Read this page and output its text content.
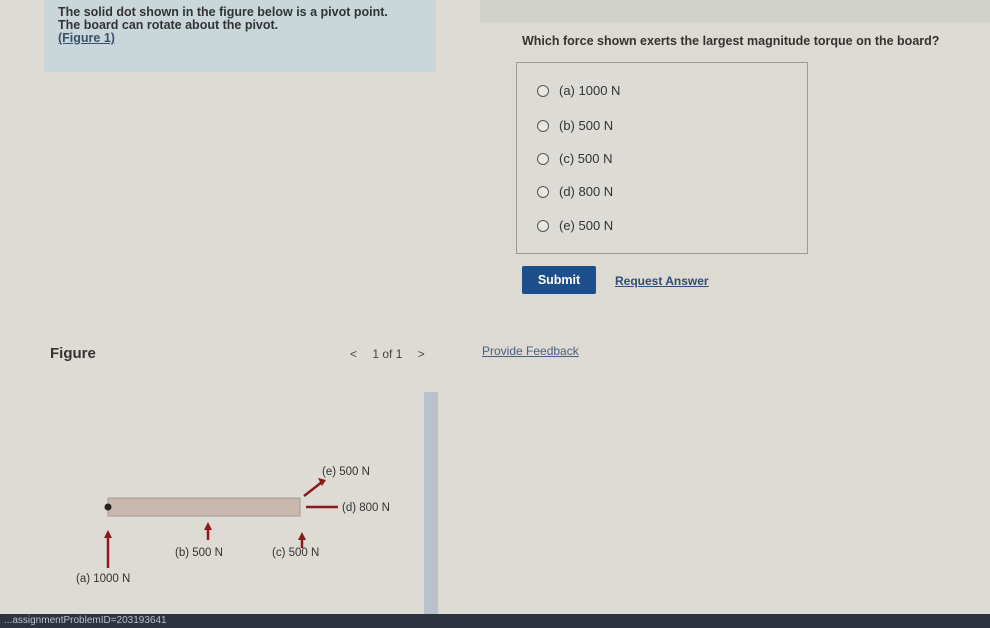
The solid dot shown in the figure below is a pivot point.
The board can rotate about the pivot.
(Figure 1)
Figure	< 1 of 1 >
(e) 500 N
(d) 800 N
(b) 500 N	(c) 500 N
(a) 1000 N
Which force shown exerts the largest magnitude torque on the board?
(a) 1000 N
(b) 500 N
(c) 500 N
(d) 800 N
(e) 500 N
Submit	Request Answer
Provide Feedback
...assignmentProblemID=203193641
